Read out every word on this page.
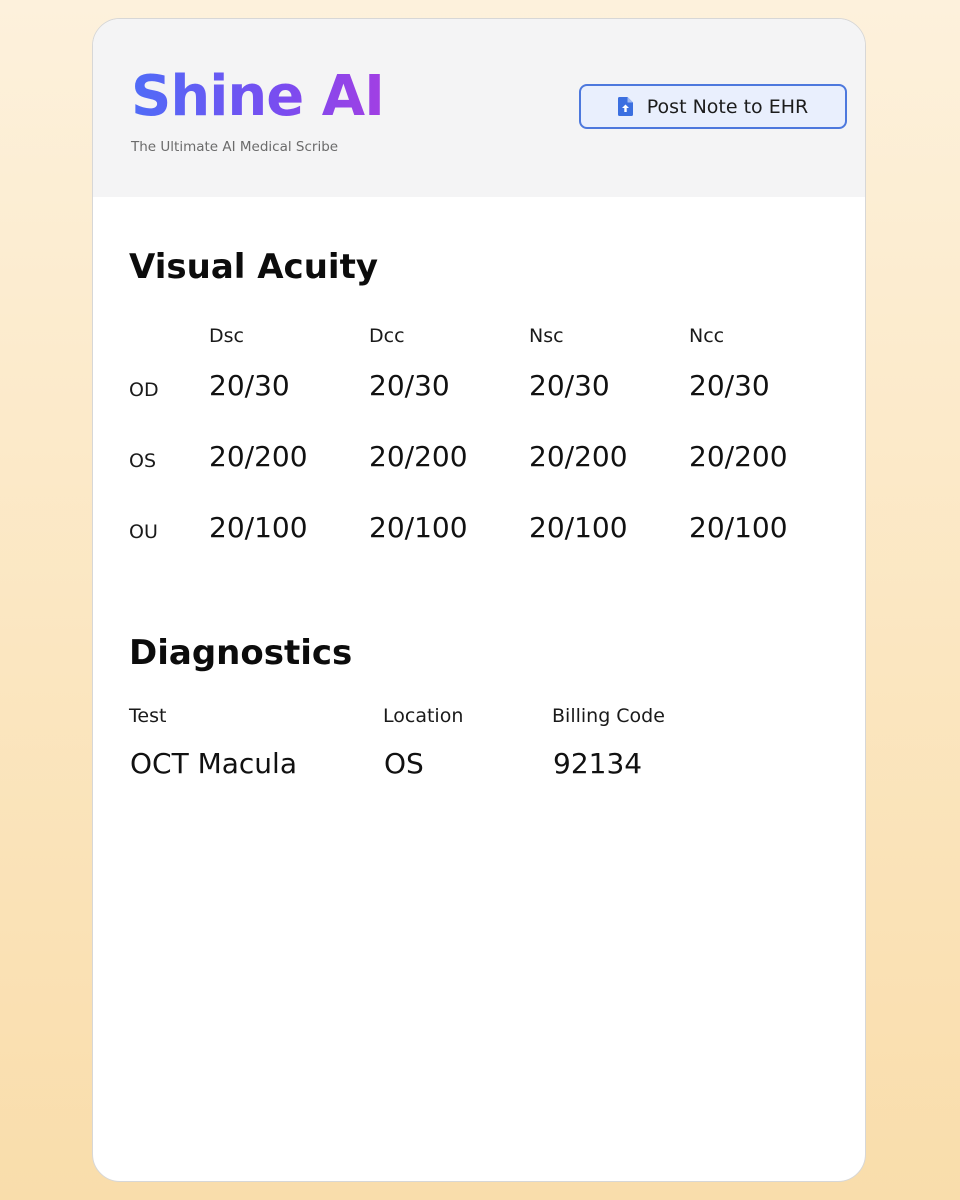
Shine AI
The Ultimate AI Medical Scribe
Post Note to EHR
Visual Acuity
Dsc	Dcc	Nsc	Ncc
OD 20/30	20/30	20/30	20/30
OS 20/200 20/200 20/200 20/200
OU 20/100 20/100 20/100 20/100
Diagnostics
Test	Location	Billing Code
OCT Macula	OS	92134
